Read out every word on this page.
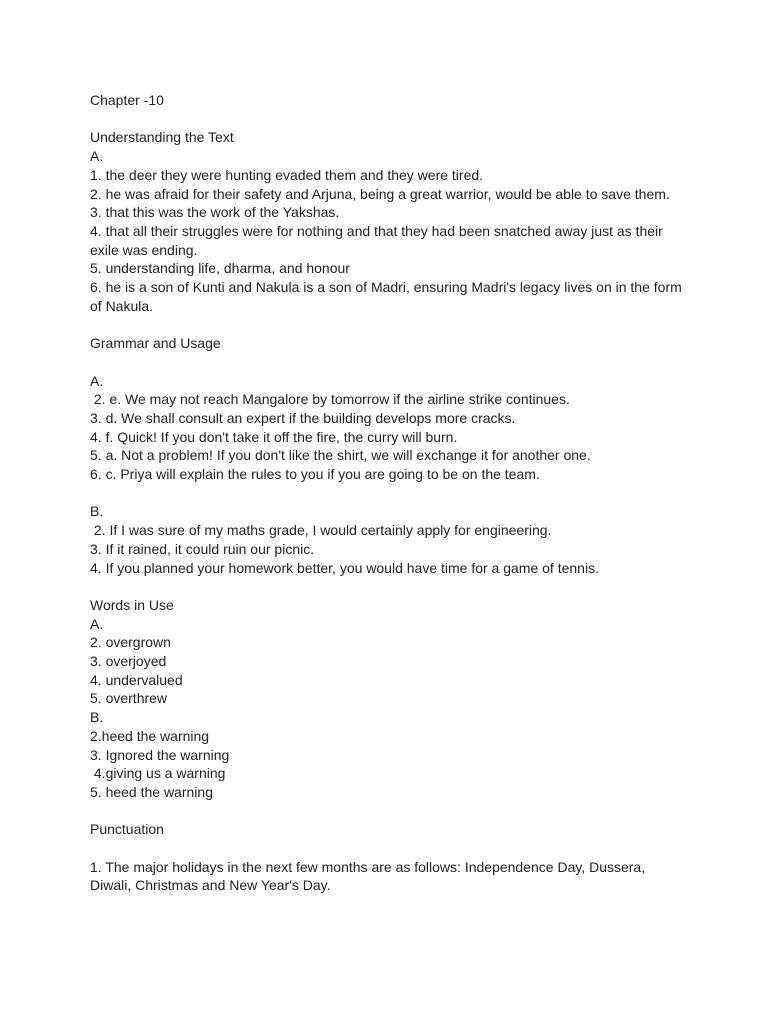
Chapter -10
Understanding the Text
A.
1. the deer they were hunting evaded them and they were tired.
2. he was afraid for their safety and Arjuna, being a great warrior, would be able to save them.
3. that this was the work of the Yakshas.
4. that all their struggles were for nothing and that they had been snatched away just as their exile was ending.
5. understanding life, dharma, and honour
6. he is a son of Kunti and Nakula is a son of Madri, ensuring Madri's legacy lives on in the form of Nakula.
Grammar and Usage
A.
2. e. We may not reach Mangalore by tomorrow if the airline strike continues.
3. d. We shall consult an expert if the building develops more cracks.
4. f. Quick! If you don't take it off the fire, the curry will burn.
5. a. Not a problem! If you don't like the shirt, we will exchange it for another one.
6. c. Priya will explain the rules to you if you are going to be on the team.
B.
2. If I was sure of my maths grade, I would certainly apply for engineering.
3. If it rained, it could ruin our picnic.
4. If you planned your homework better, you would have time for a game of tennis.
Words in Use
A.
2. overgrown
3. overjoyed
4. undervalued
5. overthrew
B.
2.heed the warning
3. Ignored the warning
4.giving us a warning
5. heed the warning
Punctuation
1. The major holidays in the next few months are as follows: Independence Day, Dussera, Diwali, Christmas and New Year's Day.
